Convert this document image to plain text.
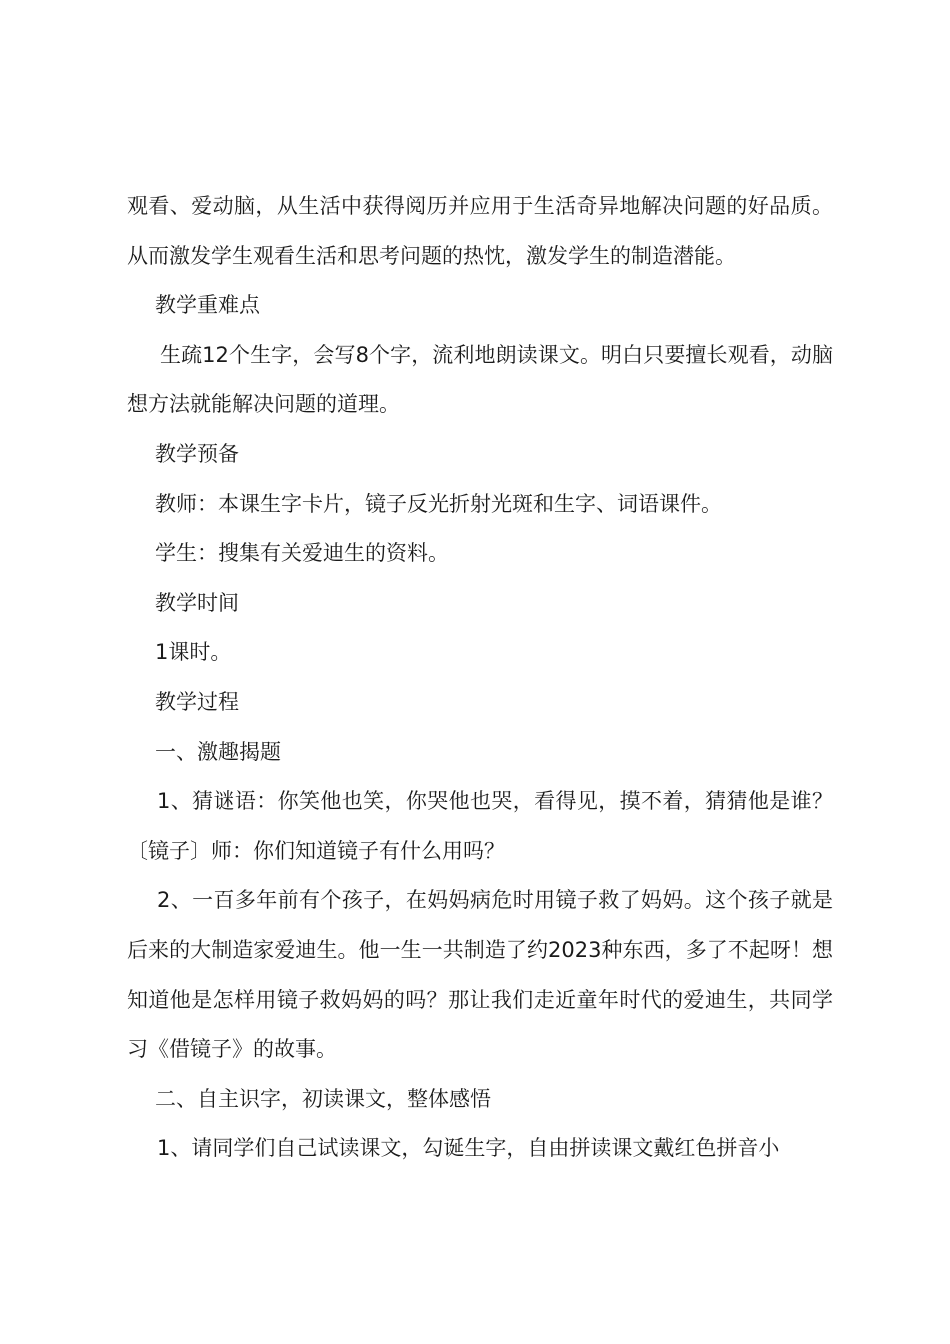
观看、爱动脑，从生活中获得阅历并应用于生活奇异地解决问题的好品质。从而激发学生观看生活和思考问题的热忱，激发学生的制造潜能。

教学重难点

生疏12个生字，会写8个字，流利地朗读课文。明白只要擅长观看，动脑想方法就能解决问题的道理。

教学预备

教师：本课生字卡片，镜子反光折射光斑和生字、词语课件。

学生：搜集有关爱迪生的资料。

教学时间

1课时。

教学过程

一、激趣揭题

1、猜谜语：你笑他也笑，你哭他也哭，看得见，摸不着，猜猜他是谁？〔镜子〕师：你们知道镜子有什么用吗？

2、一百多年前有个孩子，在妈妈病危时用镜子救了妈妈。这个孩子就是后来的大制造家爱迪生。他一生一共制造了约2023种东西，多了不起呀！想知道他是怎样用镜子救妈妈的吗？那让我们走近童年时代的爱迪生，共同学习《借镜子》的故事。

二、自主识字，初读课文，整体感悟

1、请同学们自己试读课文，勾诞生字，自由拼读课文戴红色拼音小
